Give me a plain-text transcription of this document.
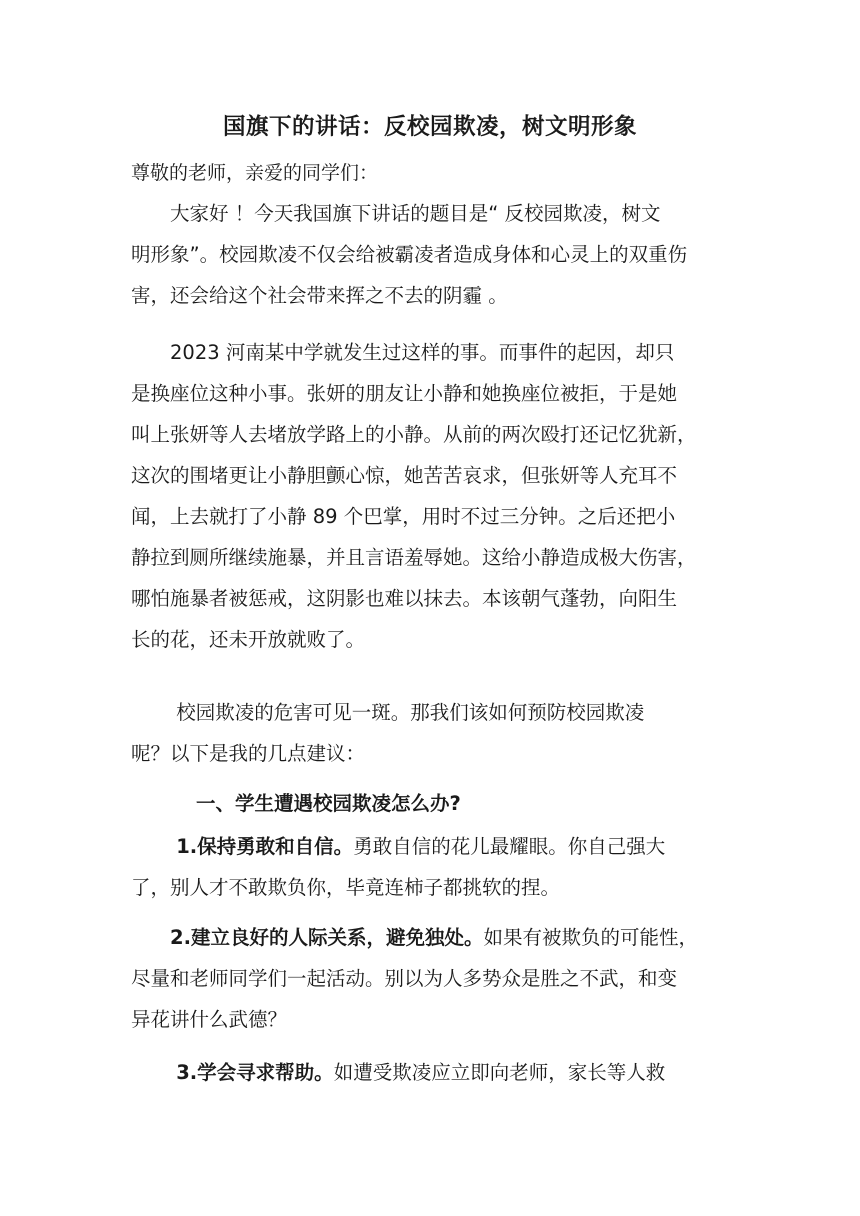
国旗下的讲话：反校园欺凌，树文明形象
尊敬的老师，亲爱的同学们：
　　大家好 ！今天我国旗下讲话的题目是“ 反校园欺凌，树文
明形象”。校园欺凌不仅会给被霸凌者造成身体和心灵上的双重伤
害，还会给这个社会带来挥之不去的阴霾 。
　　2023 河南某中学就发生过这样的事。而事件的起因，却只
是换座位这种小事。张妍的朋友让小静和她换座位被拒，于是她
叫上张妍等人去堵放学路上的小静。从前的两次殴打还记忆犹新，
这次的围堵更让小静胆颤心惊，她苦苦哀求，但张妍等人充耳不
闻，上去就打了小静 89 个巴掌，用时不过三分钟。之后还把小
静拉到厕所继续施暴，并且言语羞辱她。这给小静造成极大伤害，
哪怕施暴者被惩戒，这阴影也难以抹去。本该朝气蓬勃，向阳生
长的花，还未开放就败了。
　　 校园欺凌的危害可见一斑。那我们该如何预防校园欺凌
呢？以下是我的几点建议：
一、学生遭遇校园欺凌怎么办?
　　 1.保持勇敢和自信。勇敢自信的花儿最耀眼。你自己强大
了，别人才不敢欺负你，毕竟连柿子都挑软的捏。
　　2.建立良好的人际关系，避免独处。如果有被欺负的可能性，
尽量和老师同学们一起活动。别以为人多势众是胜之不武，和变
异花讲什么武德？
　　 3.学会寻求帮助。如遭受欺凌应立即向老师，家长等人救
